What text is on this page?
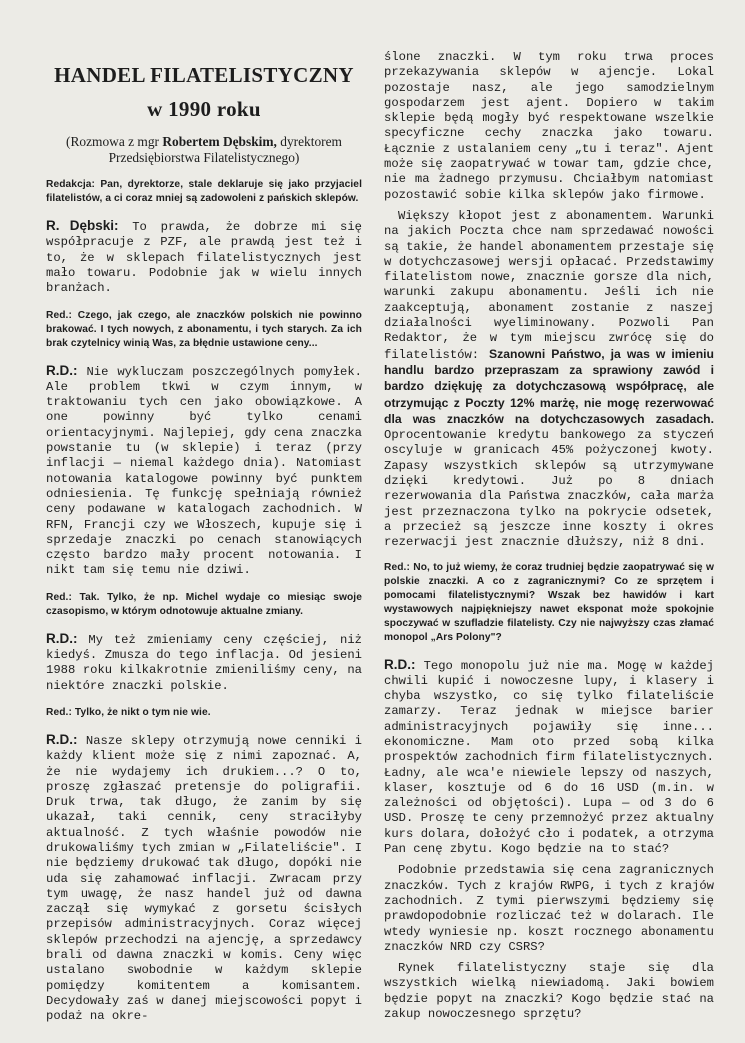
HANDEL FILATELISTYCZNY
w 1990 roku

(Rozmowa z mgr Robertem Dębskim, dyrektorem Przedsiębiorstwa Filatelistycznego)

Redakcja: Pan, dyrektorze, stale deklaruje się jako przyjaciel filatelistów, a ci coraz mniej są zadowoleni z pańskich sklepów.

R. Dębski: To prawda, że dobrze mi się współpracuje z PZF, ale prawdą jest też i to, że w sklepach filatelistycznych jest mało towaru. Podobnie jak w wielu innych branżach.

Red.: Czego, jak czego, ale znaczków polskich nie powinno brakować. I tych nowych, z abonamentu, i tych starych. Za ich brak czytelnicy winią Was, za błędnie ustawione ceny...

R.D.: Nie wykluczam poszczególnych pomyłek. Ale problem tkwi w czym innym, w traktowaniu tych cen jako obowiązkowe. A one powinny być tylko cenami orientacyjnymi. Najlepiej, gdy cena znaczka powstanie tu (w sklepie) i teraz (przy inflacji — niemal każdego dnia). Natomiast notowania katalogowe powinny być punktem odniesienia. Tę funkcję spełniają również ceny podawane w katalogach zachodnich. W RFN, Francji czy we Włoszech, kupuje się i sprzedaje znaczki po cenach stanowiących często bardzo mały procent notowania. I nikt tam się temu nie dziwi.

Red.: Tak. Tylko, że np. Michel wydaje co miesiąc swoje czasopismo, w którym odnotowuje aktualne zmiany.

R.D.: My też zmieniamy ceny częściej, niż kiedyś. Zmusza do tego inflacja. Od jesieni 1988 roku kilkakrotnie zmieniliśmy ceny, na niektóre znaczki polskie.

Red.: Tylko, że nikt o tym nie wie.

R.D.: Nasze sklepy otrzymują nowe cenniki i każdy klient może się z nimi zapoznać. A, że nie wydajemy ich drukiem...? O to, proszę zgłaszać pretensje do poligrafii. Druk trwa, tak długo, że zanim by się ukazał, taki cennik, ceny straciłyby aktualność. Z tych właśnie powodów nie drukowaliśmy tych zmian w „Filateliście". I nie będziemy drukować tak długo, dopóki nie uda się zahamować inflacji. Zwracam przy tym uwagę, że nasz handel już od dawna zaczął się wymykać z gorsetu ścisłych przepisów administracyjnych. Coraz więcej sklepów przechodzi na ajencję, a sprzedawcy brali od dawna znaczki w komis. Ceny więc ustalano swobodnie w każdym sklepie pomiędzy komitentem a komisantem. Decydowały zaś w danej miejscowości popyt i podaż na okre-

ślone znaczki. W tym roku trwa proces przekazywania sklepów w ajencje. Lokal pozostaje nasz, ale jego samodzielnym gospodarzem jest ajent. Dopiero w takim sklepie będą mogły być respektowane wszelkie specyficzne cechy znaczka jako towaru. Łącznie z ustalaniem ceny „tu i teraz". Ajent może się zaopatrywać w towar tam, gdzie chce, nie ma żadnego przymusu. Chciałbym natomiast pozostawić sobie kilka sklepów jako firmowe.

Większy kłopot jest z abonamentem. Warunki na jakich Poczta chce nam sprzedawać nowości są takie, że handel abonamentem przestaje się w dotychczasowej wersji opłacać. Przedstawimy filatelistom nowe, znacznie gorsze dla nich, warunki zakupu abonamentu. Jeśli ich nie zaakceptują, abonament zostanie z naszej działalności wyeliminowany. Pozwoli Pan Redaktor, że w tym miejscu zwrócę się do filatelistów: Szanowni Państwo, ja was w imieniu handlu bardzo przepraszam za sprawiony zawód i bardzo dziękuję za dotychczasową współpracę, ale otrzymując z Poczty 12% marżę, nie mogę rezerwować dla was znaczków na dotychczasowych zasadach. Oprocentowanie kredytu bankowego za styczeń oscyluje w granicach 45% pożyczonej kwoty. Zapasy wszystkich sklepów są utrzymywane dzięki kredytowi. Już po 8 dniach rezerwowania dla Państwa znaczków, cała marża jest przeznaczona tylko na pokrycie odsetek, a przecież są jeszcze inne koszty i okres rezerwacji jest znacznie dłuższy, niż 8 dni.

Red.: No, to już wiemy, że coraz trudniej będzie zaopatrywać się w polskie znaczki. A co z zagranicznymi? Co ze sprzętem i pomocami filatelistycznymi? Wszak bez hawidów i kart wystawowych najpiękniejszy nawet eksponat może spokojnie spoczywać w szufladzie filatelisty. Czy nie najwyższy czas złamać monopol „Ars Polony"?

R.D.: Tego monopolu już nie ma. Mogę w każdej chwili kupić i nowoczesne lupy, i klasery i chyba wszystko, co się tylko filateliście zamarzy. Teraz jednak w miejsce barier administracyjnych pojawiły się inne... ekonomiczne. Mam oto przed sobą kilka prospektów zachodnich firm filatelistycznych. Ładny, ale wca'e niewiele lepszy od naszych, klaser, kosztuje od 6 do 16 USD (m.in. w zależności od objętości). Lupa — od 3 do 6 USD. Proszę te ceny przemnożyć przez aktualny kurs dolara, dołożyć cło i podatek, a otrzyma Pan cenę zbytu. Kogo będzie na to stać?

Podobnie przedstawia się cena zagranicznych znaczków. Tych z krajów RWPG, i tych z krajów zachodnich. Z tymi pierwszymi będziemy się prawdopodobnie rozliczać też w dolarach. Ile wtedy wyniesie np. koszt rocznego abonamentu znaczków NRD czy CSRS?

Rynek filatelistyczny staje się dla wszystkich wielką niewiadomą. Jaki bowiem będzie popyt na znaczki? Kogo będzie stać na zakup nowoczesnego sprzętu?
